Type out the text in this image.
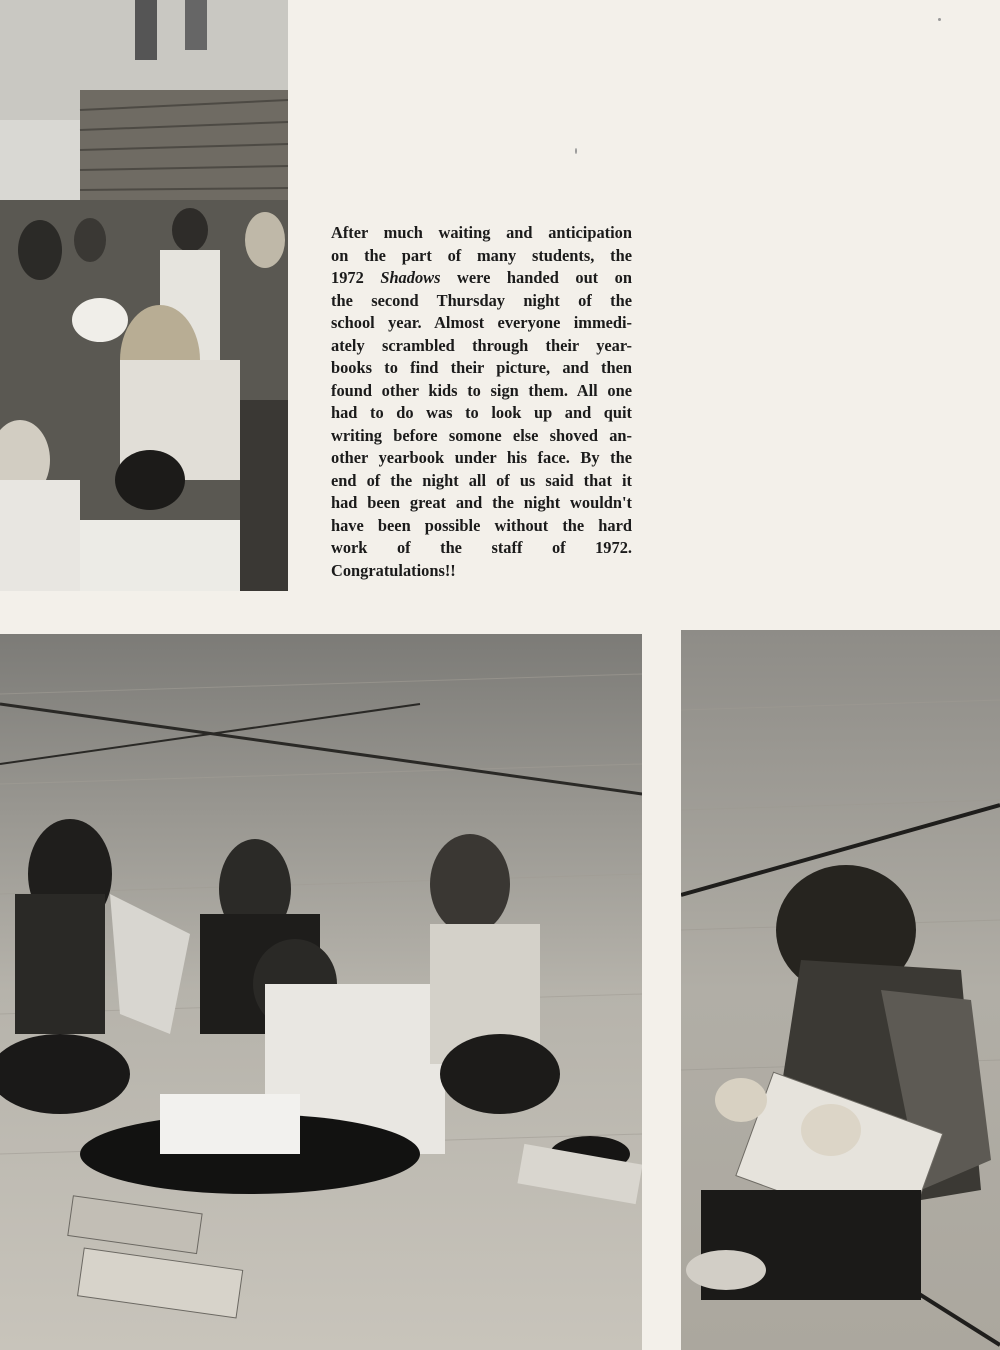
After much waiting and anticipation
on the part of many students, the
1972 Shadows were handed out on
the second Thursday night of the
school year. Almost everyone immedi-
ately scrambled through their year-
books to find their picture, and then
found other kids to sign them. All one
had to do was to look up and quit
writing before somone else shoved an-
other yearbook under his face. By the
end of the night all of us said that it
had been great and the night wouldn't
have been possible without the hard
work of the staff of 1972.
Congratulations!!
